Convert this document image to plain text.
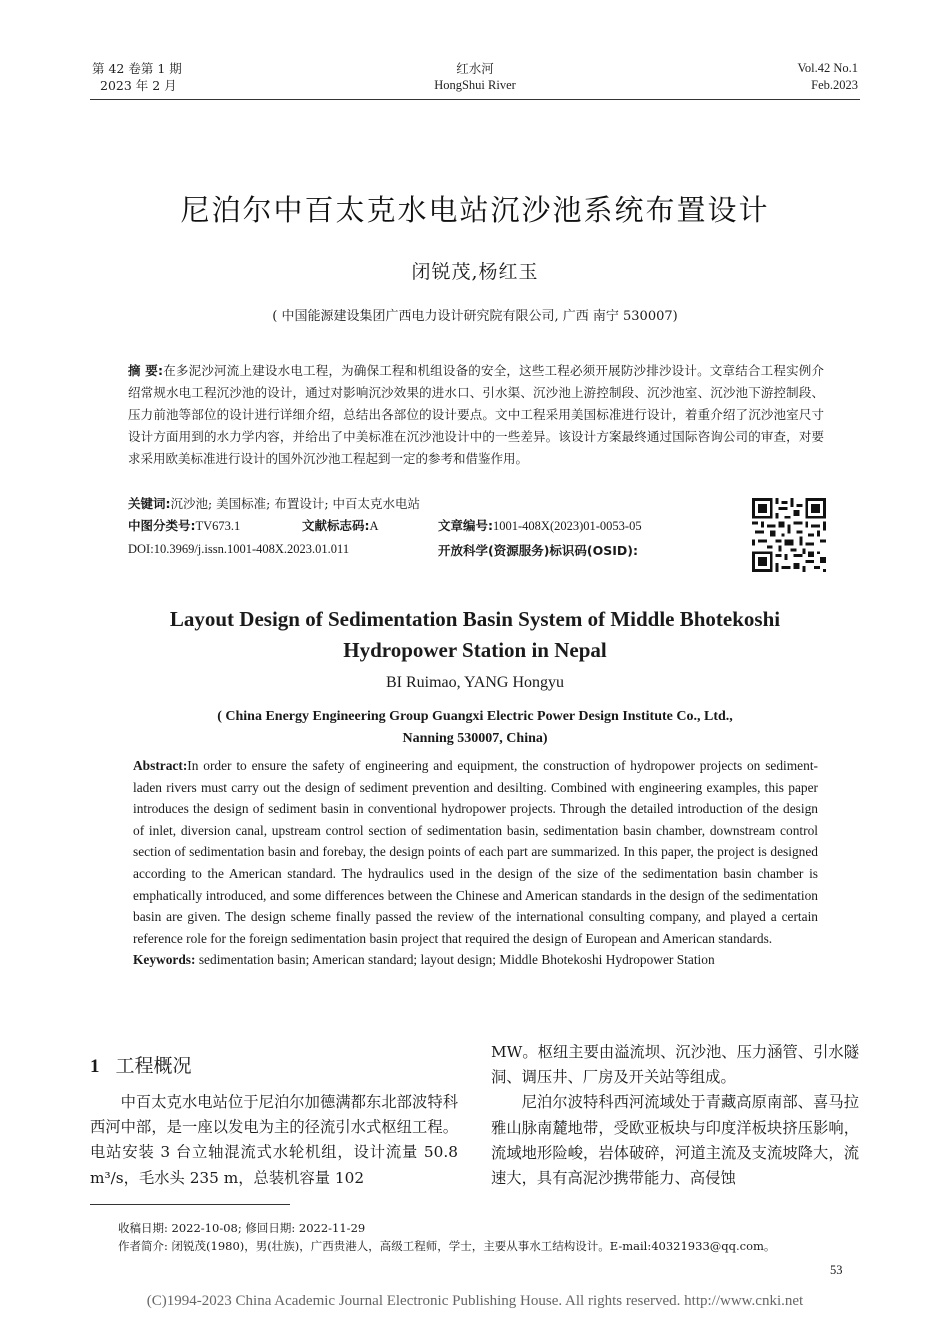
第 42 卷第 1 期
2023 年 2 月
红水河
HongShui River
Vol.42 No.1
Feb.2023
尼泊尔中百太克水电站沉沙池系统布置设计
闭锐茂,杨红玉
( 中国能源建设集团广西电力设计研究院有限公司, 广西 南宁 530007)
摘 要:在多泥沙河流上建设水电工程，为确保工程和机组设备的安全，这些工程必须开展防沙排沙设计。文章结合工程实例介绍常规水电工程沉沙池的设计，通过对影响沉沙效果的进水口、引水渠、沉沙池上游控制段、沉沙池室、沉沙池下游控制段、压力前池等部位的设计进行详细介绍，总结出各部位的设计要点。文中工程采用美国标准进行设计，着重介绍了沉沙池室尺寸设计方面用到的水力学内容，并给出了中美标准在沉沙池设计中的一些差异。该设计方案最终通过国际咨询公司的审查，对要求采用欧美标准进行设计的国外沉沙池工程起到一定的参考和借鉴作用。
关键词:沉沙池; 美国标准; 布置设计; 中百太克水电站
中图分类号:TV673.1	文献标志码:A	文章编号:1001-408X(2023)01-0053-05
DOI:10.3969/j.issn.1001-408X.2023.01.011	开放科学(资源服务)标识码(OSID):
Layout Design of Sedimentation Basin System of Middle Bhotekoshi
Hydropower Station in Nepal
BI Ruimao, YANG Hongyu
( China Energy Engineering Group Guangxi Electric Power Design Institute Co., Ltd.,
Nanning 530007, China)
Abstract:In order to ensure the safety of engineering and equipment, the construction of hydropower projects on sediment-laden rivers must carry out the design of sediment prevention and desilting. Combined with engineering examples, this paper introduces the design of sediment basin in conventional hydropower projects. Through the detailed introduction of the design of inlet, diversion canal, upstream control section of sedimentation basin, sedimentation basin chamber, downstream control section of sedimentation basin and forebay, the design points of each part are summarized. In this paper, the project is designed according to the American standard. The hydraulics used in the design of the size of the sedimentation basin chamber is emphatically introduced, and some differences between the Chinese and American standards in the design of the sedimentation basin are given. The design scheme finally passed the review of the international consulting company, and played a certain reference role for the foreign sedimentation basin project that required the design of European and American standards.
Keywords: sedimentation basin; American standard; layout design; Middle Bhotekoshi Hydropower Station
1 工程概况
中百太克水电站位于尼泊尔加德满都东北部波特科西河中部，是一座以发电为主的径流引水式枢纽工程。电站安装 3 台立轴混流式水轮机组，设计流量 50.8 m³/s，毛水头 235 m，总装机容量 102
MW。枢纽主要由溢流坝、沉沙池、压力涵管、引水隧洞、调压井、厂房及开关站等组成。
尼泊尔波特科西河流域处于青藏高原南部、喜马拉雅山脉南麓地带，受欧亚板块与印度洋板块挤压影响，流域地形险峻，岩体破碎，河道主流及支流坡降大，流速大，具有高泥沙携带能力、高侵蚀
收稿日期: 2022-10-08; 修回日期: 2022-11-29
作者简介: 闭锐茂(1980)，男(壮族)，广西贵港人，高级工程师，学士，主要从事水工结构设计。E-mail:40321933@qq.com。
53
(C)1994-2023 China Academic Journal Electronic Publishing House. All rights reserved. http://www.cnki.net
